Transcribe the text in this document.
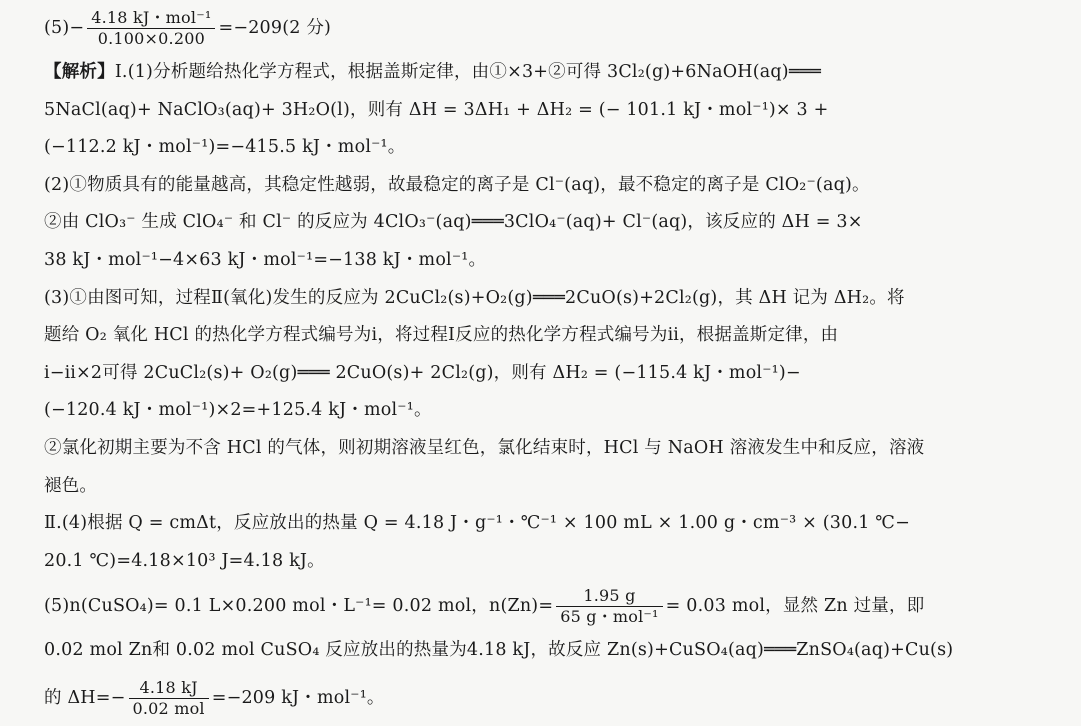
$(5)- \frac{\text{4.18 kJ・mol⁻¹}}{0.100\times 0.200} =-209(2$ 分)
【解析】Ⅰ.(1)分析题给热化学方程式，根据盖斯定律，由①×3+②可得 3Cl₂(g)+6NaOH(aq)═══
5NaCl(aq)+ NaClO₃(aq)+ 3H₂O(l)，则有 ΔH = 3ΔH₁ + ΔH₂ = (− 101.1 kJ・mol⁻¹)× 3 +
(−112.2 kJ・mol⁻¹)=−415.5 kJ・mol⁻¹。
(2)①物质具有的能量越高，其稳定性越弱，故最稳定的离子是 Cl⁻(aq)，最不稳定的离子是 ClO₂⁻(aq)。
②由 ClO₃⁻ 生成 ClO₄⁻ 和 Cl⁻ 的反应为 4ClO₃⁻(aq)═══3ClO₄⁻(aq)+ Cl⁻(aq)，该反应的 ΔH = 3×
38 kJ・mol⁻¹−4×63 kJ・mol⁻¹=−138 kJ・mol⁻¹。
(3)①由图可知，过程Ⅱ(氧化)发生的反应为 2CuCl₂(s)+O₂(g)═══2CuO(s)+2Cl₂(g)，其 ΔH 记为 ΔH₂。将
题给 O₂ 氧化 HCl 的热化学方程式编号为ⅰ，将过程Ⅰ反应的热化学方程式编号为ⅱ，根据盖斯定律，由
ⅰ−ⅱ×2可得 2CuCl₂(s)+ O₂(g)═══ 2CuO(s)+ 2Cl₂(g)，则有 ΔH₂ = (−115.4 kJ・mol⁻¹)−
(−120.4 kJ・mol⁻¹)×2=+125.4 kJ・mol⁻¹。
②氯化初期主要为不含 HCl 的气体，则初期溶液呈红色，氯化结束时，HCl 与 NaOH 溶液发生中和反应，溶液
褪色。
Ⅱ.(4)根据 Q = cmΔt，反应放出的热量 Q = 4.18 J・g⁻¹・℃⁻¹ × 100 mL × 1.00 g・cm⁻³ × (30.1 ℃−
20.1 ℃)=4.18×10³ J=4.18 kJ。
(5)n(CuSO₄)= 0.1 L×0.200 mol・L⁻¹= 0.02 mol，$n(Zn)= \frac{1.95 g}{\text{65 g・mol⁻¹}} = 0.03$ mol，显然 Zn 过量，即
0.02 mol Zn和 0.02 mol CuSO₄ 反应放出的热量为4.18 kJ，故反应 Zn(s)+CuSO₄(aq)═══ZnSO₄(aq)+Cu(s)
的 $\Delta H=- \frac{4.18 kJ}{\text{0.02 mol}} =-209$ kJ・mol⁻¹。
